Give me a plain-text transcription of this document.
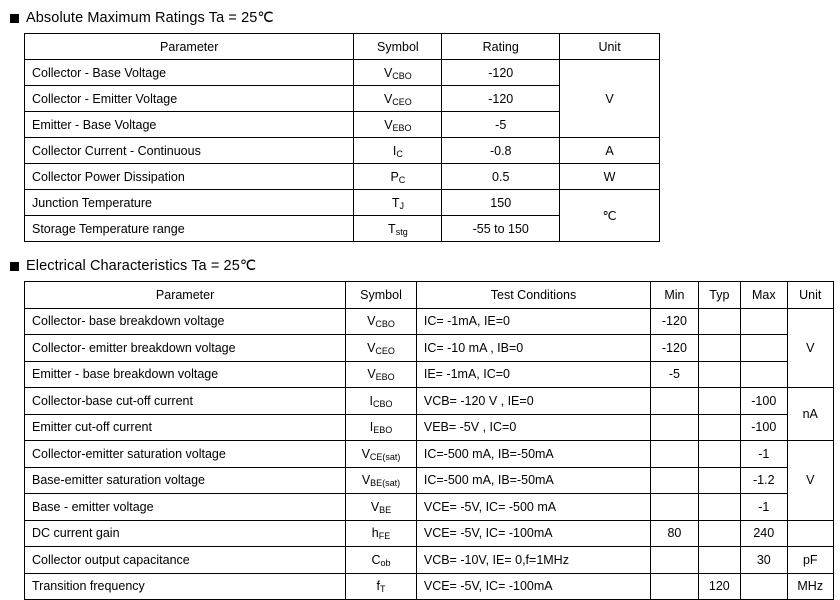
Absolute Maximum Ratings Ta = 25℃
Parameter	Symbol	Rating	Unit
Collector - Base Voltage	$V_{CBO}$	-120	V
Collector - Emitter Voltage	$V_{CEO}$	-120	
Emitter - Base Voltage	$V_{EBO}$	-5	
Collector Current - Continuous	$I_C$	-0.8	A
Collector Power Dissipation	$P_C$	0.5	W
Junction Temperature	$T_J$	150	℃
Storage Temperature range	$T_{stg}$	-55 to 150	
Electrical Characteristics Ta = 25℃
Parameter	Symbol	Test Conditions	Min	Typ	Max	Unit
Collector- base breakdown voltage	$V_{CBO}$	IC= -1mA, IE=0	-120			V
Collector- emitter breakdown voltage	$V_{CEO}$	IC= -10 mA , IB=0	-120			
Emitter - base breakdown voltage	$V_{EBO}$	IE= -1mA, IC=0	-5			
Collector-base cut-off current	$I_{CBO}$	VCB= -120 V , IE=0			-100	nA
Emitter cut-off current	$I_{EBO}$	VEB= -5V , IC=0			-100	
Collector-emitter saturation voltage	$V_{CE(sat)}$	IC=-500 mA, IB=-50mA			-1	V
Base-emitter saturation voltage	$V_{BE(sat)}$	IC=-500 mA, IB=-50mA			-1.2	
Base - emitter voltage	$V_{BE}$	VCE= -5V, IC= -500 mA			-1	
DC current gain	$h_{FE}$	VCE= -5V, IC= -100mA	80		240	
Collector output capacitance	$C_{ob}$	VCB= -10V, IE= 0,f=1MHz			30	pF
Transition frequency	$f_T$	VCE= -5V, IC= -100mA		120		MHz
